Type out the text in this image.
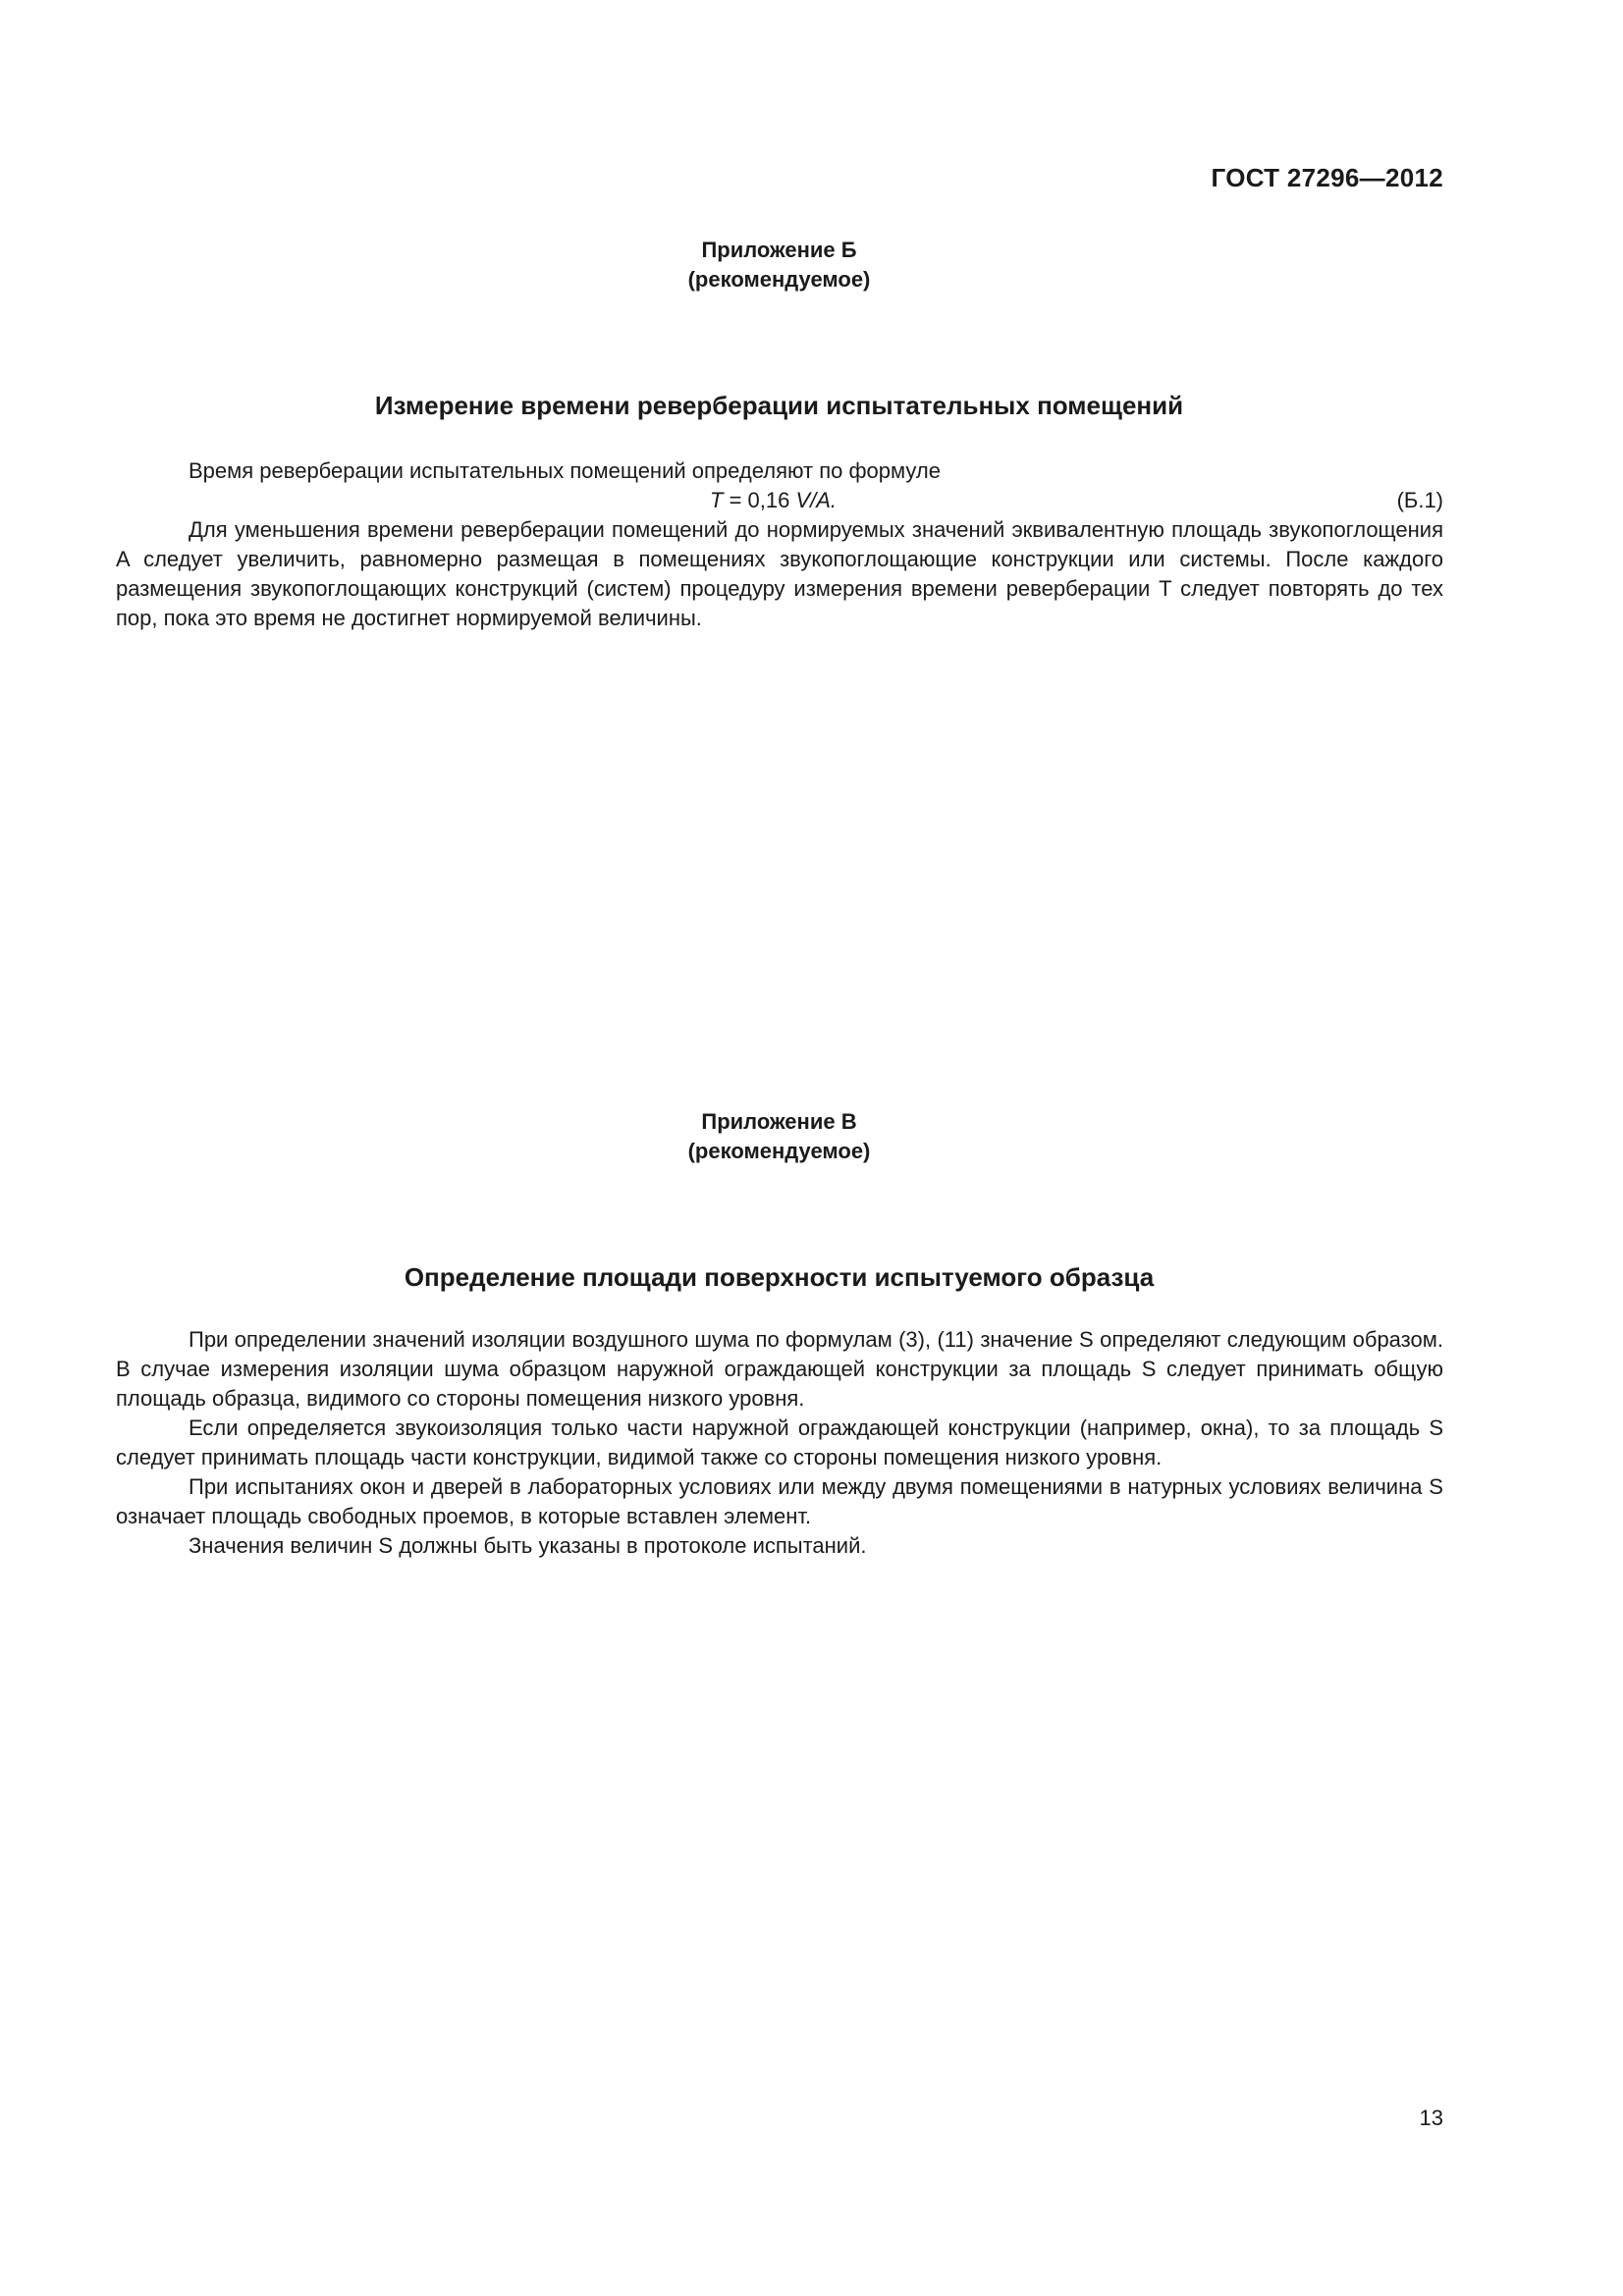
ГОСТ 27296—2012
Приложение Б
(рекомендуемое)
Измерение времени реверберации испытательных помещений

Время реверберации испытательных помещений определяют по формуле

T = 0,16 V/A.	(Б.1)

Для уменьшения времени реверберации помещений до нормируемых значений эквивалентную площадь звукопоглощения A следует увеличить, равномерно размещая в помещениях звукопоглощающие конструкции или системы. После каждого размещения звукопоглощающих конструкций (систем) процедуру измерения времени реверберации T следует повторять до тех пор, пока это время не достигнет нормируемой величины.

Приложение В
(рекомендуемое)
Определение площади поверхности испытуемого образца

При определении значений изоляции воздушного шума по формулам (3), (11) значение S определяют следующим образом. В случае измерения изоляции шума образцом наружной ограждающей конструкции за площадь S следует принимать общую площадь образца, видимого со стороны помещения низкого уровня.

Если определяется звукоизоляция только части наружной ограждающей конструкции (например, окна), то за площадь S следует принимать площадь части конструкции, видимой также со стороны помещения низкого уровня.

При испытаниях окон и дверей в лабораторных условиях или между двумя помещениями в натурных условиях величина S означает площадь свободных проемов, в которые вставлен элемент.

Значения величин S должны быть указаны в протоколе испытаний.

13
